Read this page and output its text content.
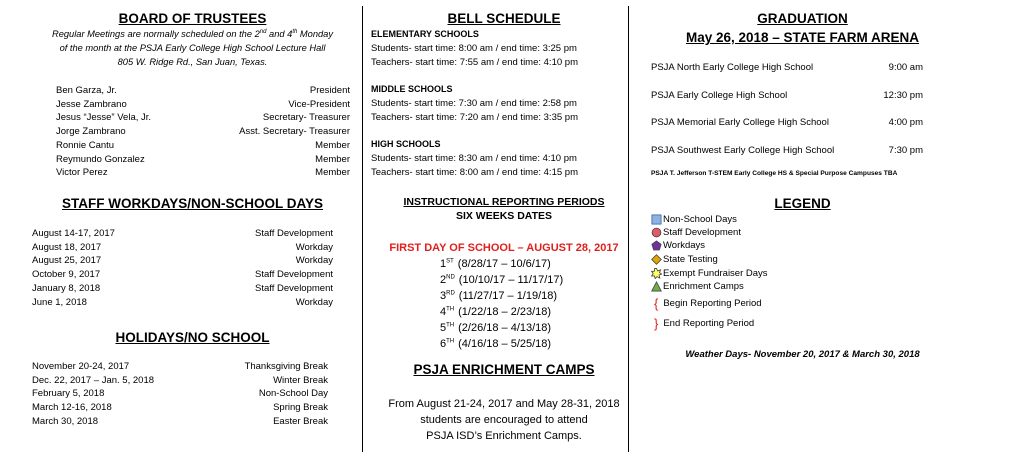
BOARD OF TRUSTEES
Regular Meetings are normally scheduled on the 2nd and 4th Monday
of the month at the PSJA Early College High School Lecture Hall
805 W. Ridge Rd., San Juan, Texas.
Ben Garza, Jr.	President
Jesse Zambrano	Vice-President
Jesus “Jesse” Vela, Jr.	Secretary- Treasurer
Jorge Zambrano	Asst. Secretary- Treasurer
Ronnie Cantu	Member
Reymundo Gonzalez	Member
Victor Perez	Member
STAFF WORKDAYS/NON-SCHOOL DAYS
August 14-17, 2017	Staff Development
August 18, 2017	Workday
August 25, 2017	Workday
October 9, 2017	Staff Development
January 8, 2018	Staff Development
June 1, 2018	Workday
HOLIDAYS/NO SCHOOL
November 20-24, 2017	Thanksgiving Break
Dec. 22, 2017 – Jan. 5, 2018	Winter Break
February 5, 2018	Non-School Day
March 12-16, 2018	Spring Break
March 30, 2018	Easter Break
BELL SCHEDULE
ELEMENTARY SCHOOLS
Students- start time: 8:00 am / end time: 3:25 pm
Teachers- start time: 7:55 am / end time: 4:10 pm
MIDDLE SCHOOLS
Students- start time: 7:30 am / end time: 2:58 pm
Teachers- start time: 7:20 am / end time: 3:35 pm
HIGH SCHOOLS
Students- start time: 8:30 am / end time: 4:10 pm
Teachers- start time: 8:00 am / end time: 4:15 pm
INSTRUCTIONAL REPORTING PERIODS
SIX WEEKS DATES
FIRST DAY OF SCHOOL – AUGUST 28, 2017
1ST (8/28/17 – 10/6/17)
2ND (10/10/17 – 11/17/17)
3RD (11/27/17 – 1/19/18)
4TH (1/22/18 – 2/23/18)
5TH (2/26/18 – 4/13/18)
6TH (4/16/18 – 5/25/18)
PSJA ENRICHMENT CAMPS
From August 21-24, 2017 and May 28-31, 2018
students are encouraged to attend
PSJA ISD’s Enrichment Camps.
GRADUATION
May 26, 2018 – STATE FARM ARENA
PSJA North Early College High School	9:00 am
PSJA Early College High School	12:30 pm
PSJA Memorial Early College High School	4:00 pm
PSJA Southwest Early College High School	7:30 pm
PSJA T. Jefferson T-STEM Early College HS & Special Purpose Campuses TBA
LEGEND
Non-School Days
Staff Development
Workdays
State Testing
Exempt Fundraiser Days
Enrichment Camps
{ Begin Reporting Period
} End Reporting Period
Weather Days- November 20, 2017 & March 30, 2018
